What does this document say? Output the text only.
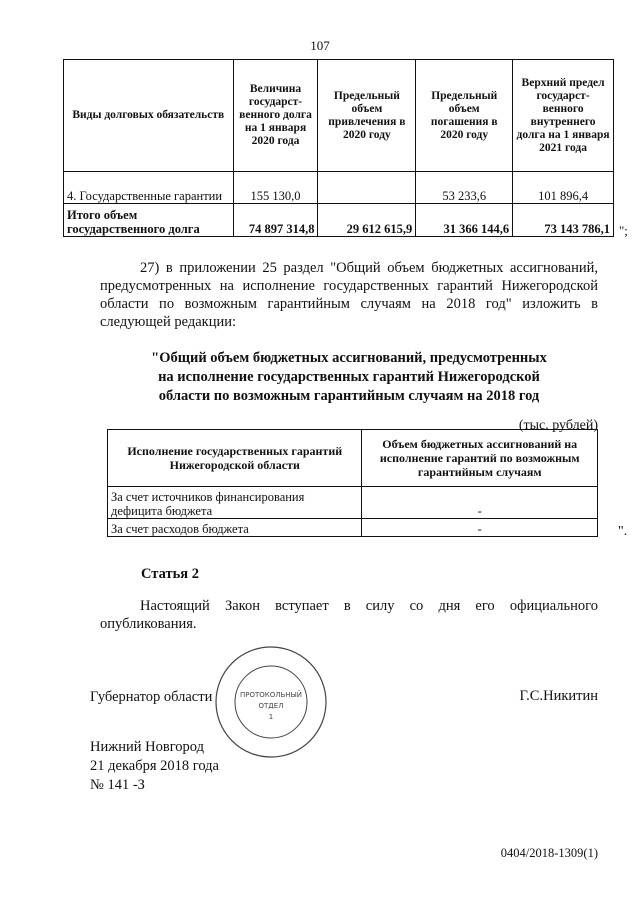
107
Виды долговых обязательств	Величина государст-венного долга на 1 января 2020 года	Предельный объем привлечения в 2020 году	Предельный объем погашения в 2020 году	Верхний предел государст-венного внутреннего долга на 1 января 2021 года
4. Государственные гарантии	155 130,0		53 233,6	101 896,4
Итого объем государственного долга	74 897 314,8	29 612 615,9	31 366 144,6	73 143 786,1 ";
27) в приложении 25 раздел "Общий объем бюджетных ассигнований, предусмотренных на исполнение государственных гарантий Нижегородской области по возможным гарантийным случаям на 2018 год" изложить в следующей редакции:
"Общий объем бюджетных ассигнований, предусмотренных
на исполнение государственных гарантий Нижегородской
области по возможным гарантийным случаям на 2018 год
(тыс. рублей)
Исполнение государственных гарантий Нижегородской области	Объем бюджетных ассигнований на исполнение гарантий по возможным гарантийным случаям
За счет источников финансирования дефицита бюджета	-
За счет расходов бюджета	-	".
Статья 2
Настоящий Закон вступает в силу со дня его официального опубликования.
Губернатор области	Г.С.Никитин
Нижний Новгород
21 декабря 2018 года
№ 141 -З
ПРОТОКОЛЬНЫЙ
ОТДЕЛ
1
0404/2018-1309(1)
